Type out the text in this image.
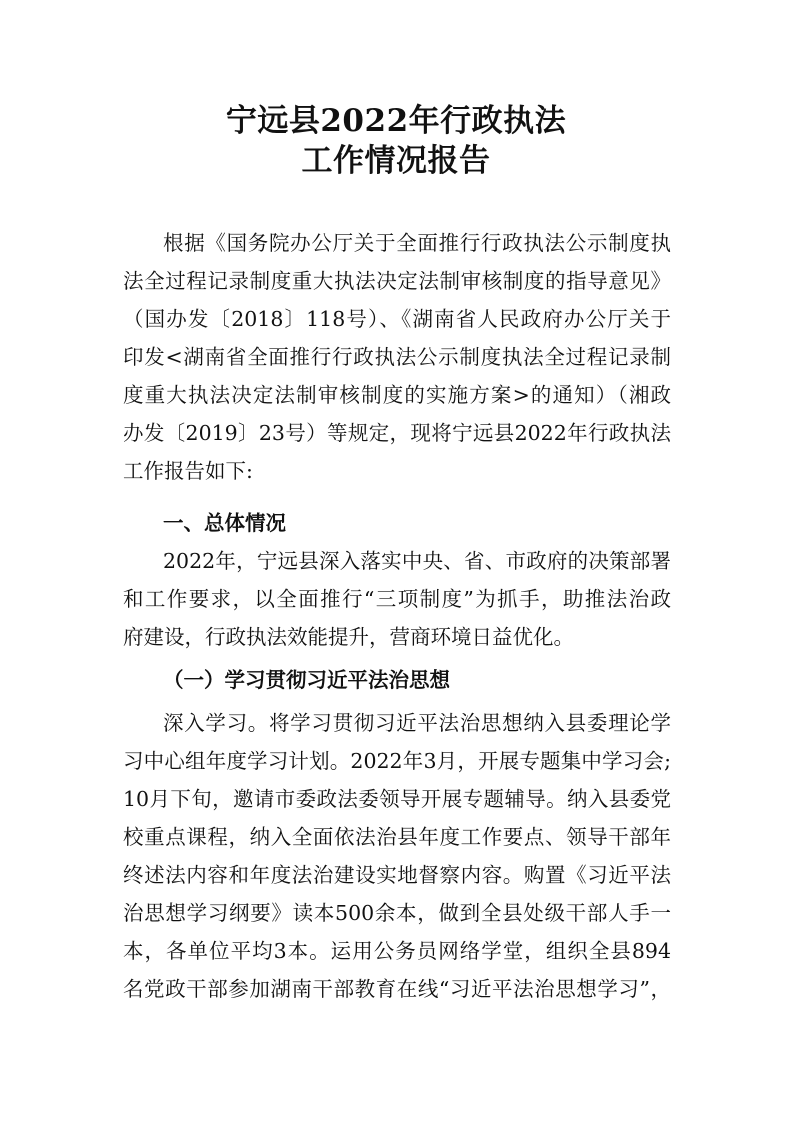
宁远县2022年行政执法
工作情况报告
根据《国务院办公厅关于全面推行行政执法公示制度执
法全过程记录制度重大执法决定法制审核制度的指导意见》
（国办发〔2018〕118号）、《湖南省人民政府办公厅关于
印发<湖南省全面推行行政执法公示制度执法全过程记录制
度重大执法决定法制审核制度的实施方案>的通知）（湘政
办发〔2019〕23号）等规定，现将宁远县2022年行政执法
工作报告如下:
一、总体情况
2022年，宁远县深入落实中央、省、市政府的决策部署
和工作要求，以全面推行“三项制度”为抓手，助推法治政
府建设，行政执法效能提升，营商环境日益优化。
（一）学习贯彻习近平法治思想
深入学习。将学习贯彻习近平法治思想纳入县委理论学
习中心组年度学习计划。2022年3月，开展专题集中学习会;
10月下旬，邀请市委政法委领导开展专题辅导。纳入县委党
校重点课程，纳入全面依法治县年度工作要点、领导干部年
终述法内容和年度法治建设实地督察内容。购置《习近平法
治思想学习纲要》读本500余本，做到全县处级干部人手一
本，各单位平均3本。运用公务员网络学堂，组织全县894
名党政干部参加湖南干部教育在线“习近平法治思想学习”，
